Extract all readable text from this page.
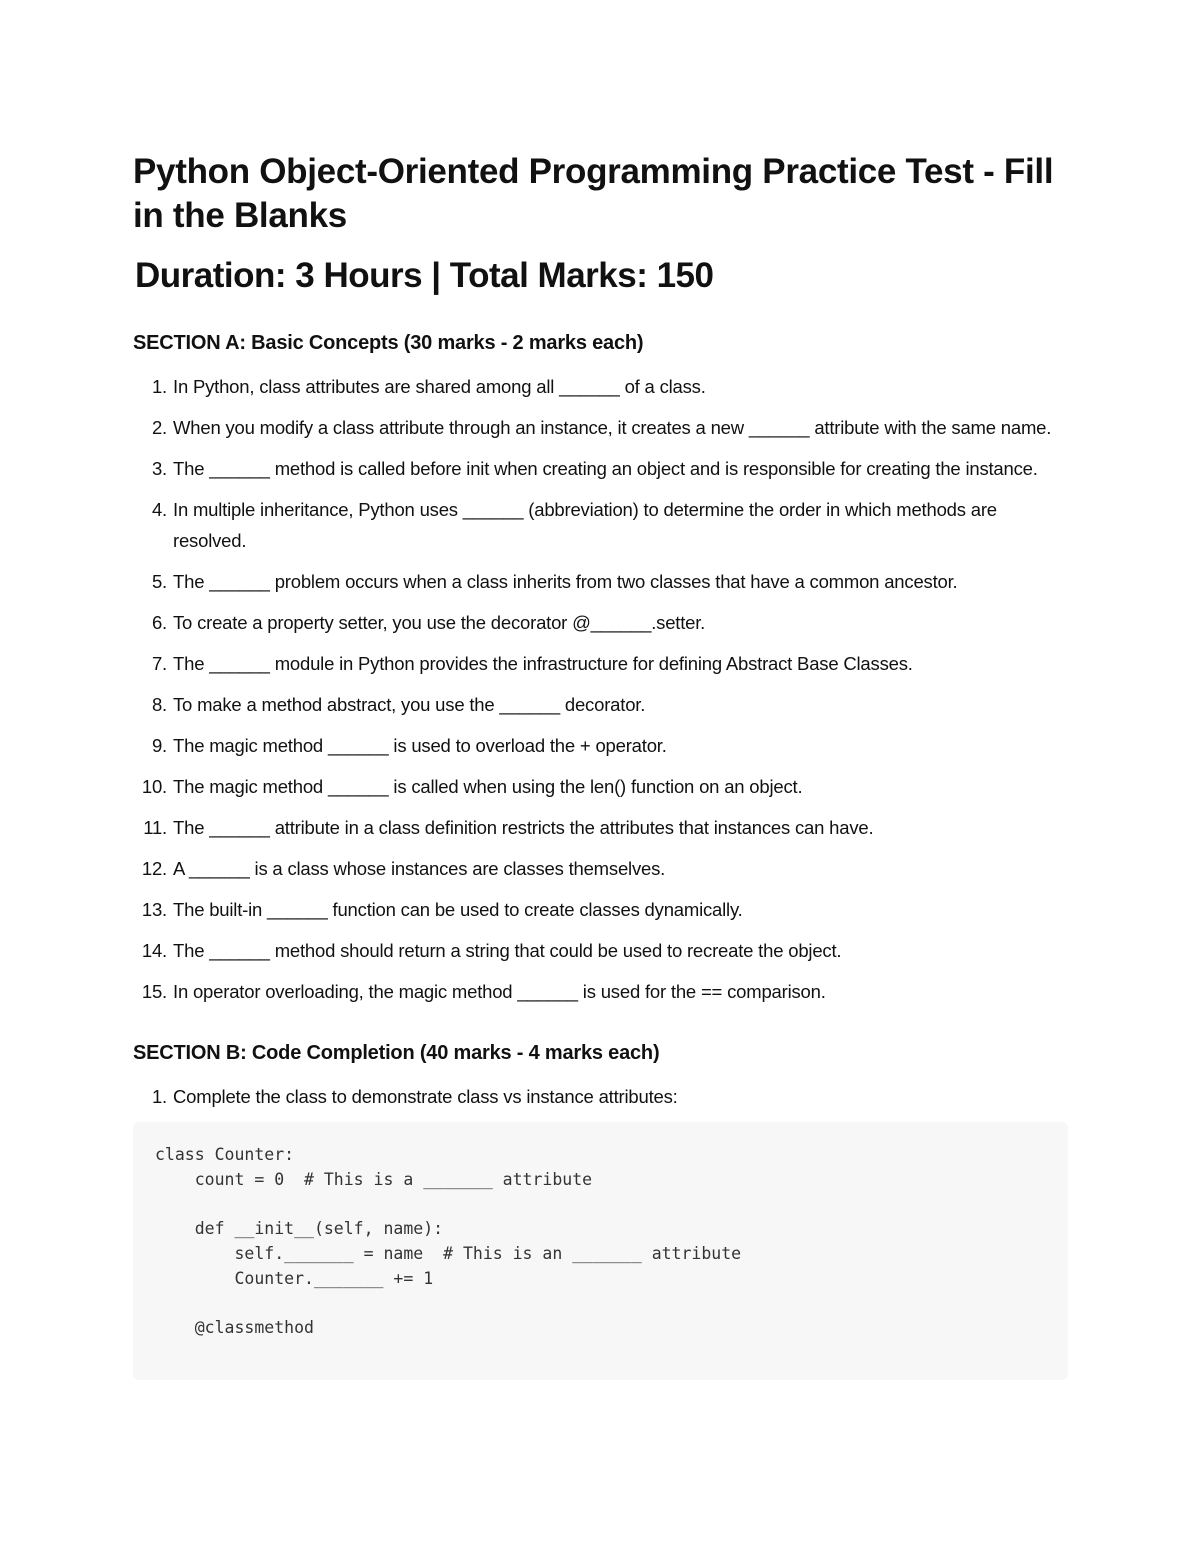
Python Object-Oriented Programming Practice Test - Fill in the Blanks
Duration: 3 Hours | Total Marks: 150
SECTION A: Basic Concepts (30 marks - 2 marks each)
1. In Python, class attributes are shared among all ______ of a class.
2. When you modify a class attribute through an instance, it creates a new ______ attribute with the same name.
3. The ______ method is called before init when creating an object and is responsible for creating the instance.
4. In multiple inheritance, Python uses ______ (abbreviation) to determine the order in which methods are resolved.
5. The ______ problem occurs when a class inherits from two classes that have a common ancestor.
6. To create a property setter, you use the decorator @______.setter.
7. The ______ module in Python provides the infrastructure for defining Abstract Base Classes.
8. To make a method abstract, you use the ______ decorator.
9. The magic method ______ is used to overload the + operator.
10. The magic method ______ is called when using the len() function on an object.
11. The ______ attribute in a class definition restricts the attributes that instances can have.
12. A ______ is a class whose instances are classes themselves.
13. The built-in ______ function can be used to create classes dynamically.
14. The ______ method should return a string that could be used to recreate the object.
15. In operator overloading, the magic method ______ is used for the == comparison.
SECTION B: Code Completion (40 marks - 4 marks each)
1. Complete the class to demonstrate class vs instance attributes:
class Counter:
count = 0  # This is a _______ attribute
def __init__(self, name):
self._______ = name  # This is an _______ attribute
Counter._______ += 1
@classmethod
